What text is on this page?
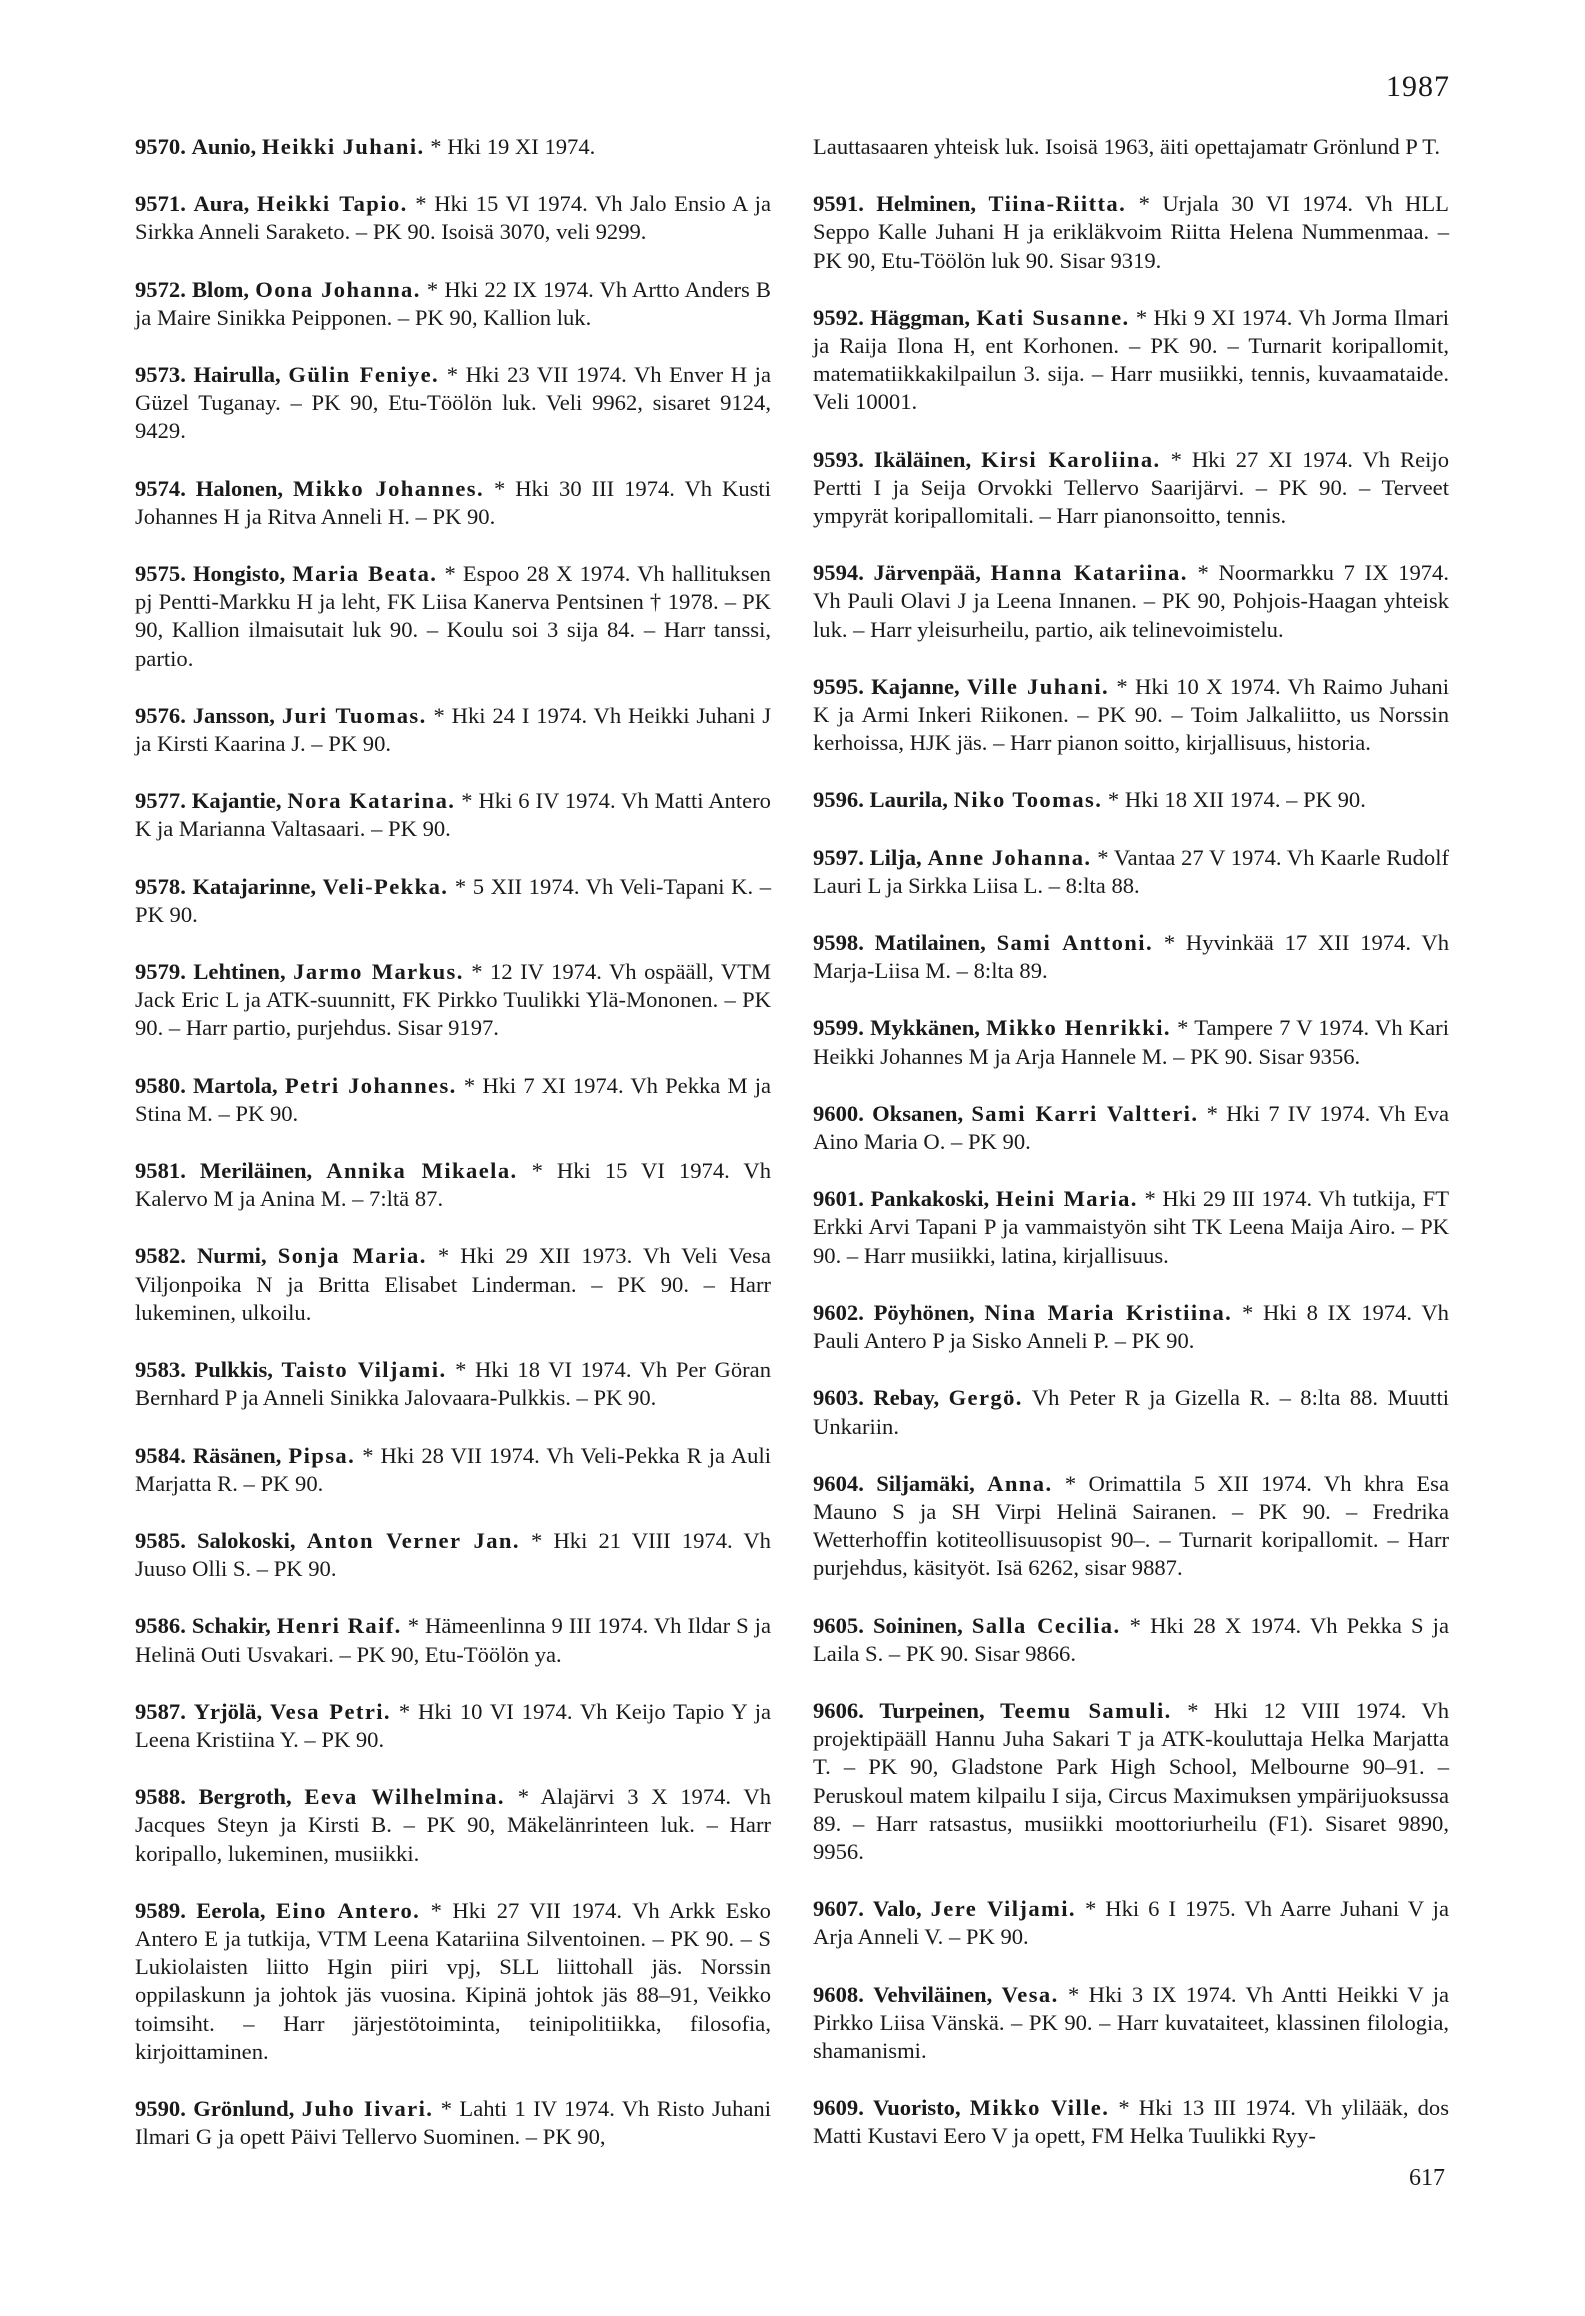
1987

9570. Aunio, Heikki Juhani. * Hki 19 XI 1974.

9571. Aura, Heikki Tapio. * Hki 15 VI 1974. Vh Jalo Ensio A ja Sirkka Anneli Saraketo. – PK 90. Isoisä 3070, veli 9299.

9572. Blom, Oona Johanna. * Hki 22 IX 1974. Vh Artto Anders B ja Maire Sinikka Peipponen. – PK 90, Kallion luk.

9573. Hairulla, Gülin Feniye. * Hki 23 VII 1974. Vh Enver H ja Güzel Tuganay. – PK 90, Etu-Töölön luk. Veli 9962, sisaret 9124, 9429.

9574. Halonen, Mikko Johannes. * Hki 30 III 1974. Vh Kusti Johannes H ja Ritva Anneli H. – PK 90.

9575. Hongisto, Maria Beata. * Espoo 28 X 1974. Vh hallituksen pj Pentti-Markku H ja leht, FK Liisa Kanerva Pentsinen † 1978. – PK 90, Kallion ilmaisutait luk 90. – Koulu soi 3 sija 84. – Harr tanssi, partio.

9576. Jansson, Juri Tuomas. * Hki 24 I 1974. Vh Heikki Juhani J ja Kirsti Kaarina J. – PK 90.

9577. Kajantie, Nora Katarina. * Hki 6 IV 1974. Vh Matti Antero K ja Marianna Valtasaari. – PK 90.

9578. Katajarinne, Veli-Pekka. * 5 XII 1974. Vh Veli-Tapani K. – PK 90.

9579. Lehtinen, Jarmo Markus. * 12 IV 1974. Vh ospääll, VTM Jack Eric L ja ATK-suunnitt, FK Pirkko Tuulikki Ylä-Mononen. – PK 90. – Harr partio, purjehdus. Sisar 9197.

9580. Martola, Petri Johannes. * Hki 7 XI 1974. Vh Pekka M ja Stina M. – PK 90.

9581. Meriläinen, Annika Mikaela. * Hki 15 VI 1974. Vh Kalervo M ja Anina M. – 7:ltä 87.

9582. Nurmi, Sonja Maria. * Hki 29 XII 1973. Vh Veli Vesa Viljonpoika N ja Britta Elisabet Linderman. – PK 90. – Harr lukeminen, ulkoilu.

9583. Pulkkis, Taisto Viljami. * Hki 18 VI 1974. Vh Per Göran Bernhard P ja Anneli Sinikka Jalovaara-Pulkkis. – PK 90.

9584. Räsänen, Pipsa. * Hki 28 VII 1974. Vh Veli-Pekka R ja Auli Marjatta R. – PK 90.

9585. Salokoski, Anton Verner Jan. * Hki 21 VIII 1974. Vh Juuso Olli S. – PK 90.

9586. Schakir, Henri Raif. * Hämeenlinna 9 III 1974. Vh Ildar S ja Helinä Outi Usvakari. – PK 90, Etu-Töölön ya.

9587. Yrjölä, Vesa Petri. * Hki 10 VI 1974. Vh Keijo Tapio Y ja Leena Kristiina Y. – PK 90.

9588. Bergroth, Eeva Wilhelmina. * Alajärvi 3 X 1974. Vh Jacques Steyn ja Kirsti B. – PK 90, Mäkelänrinteen luk. – Harr koripallo, lukeminen, musiikki.

9589. Eerola, Eino Antero. * Hki 27 VII 1974. Vh Arkk Esko Antero E ja tutkija, VTM Leena Katariina Silventoinen. – PK 90. – S Lukiolaisten liitto Hgin piiri vpj, SLL liittohall jäs. Norssin oppilaskunn ja johtok jäs vuosina. Kipinä johtok jäs 88–91, Veikko toimsiht. – Harr järjestötoiminta, teinipolitiikka, filosofia, kirjoittaminen.

9590. Grönlund, Juho Iivari. * Lahti 1 IV 1974. Vh Risto Juhani Ilmari G ja opett Päivi Tellervo Suominen. – PK 90,

Lauttasaaren yhteisk luk. Isoisä 1963, äiti opettajamatr Grönlund P T.

9591. Helminen, Tiina-Riitta. * Urjala 30 VI 1974. Vh HLL Seppo Kalle Juhani H ja erikläkvoim Riitta Helena Nummenmaa. – PK 90, Etu-Töölön luk 90. Sisar 9319.

9592. Häggman, Kati Susanne. * Hki 9 XI 1974. Vh Jorma Ilmari ja Raija Ilona H, ent Korhonen. – PK 90. – Turnarit koripallomit, matematiikkakilpailun 3. sija. – Harr musiikki, tennis, kuvaamataide. Veli 10001.

9593. Ikäläinen, Kirsi Karoliina. * Hki 27 XI 1974. Vh Reijo Pertti I ja Seija Orvokki Tellervo Saarijärvi. – PK 90. – Terveet ympyrät koripallomitali. – Harr pianonsoitto, tennis.

9594. Järvenpää, Hanna Katariina. * Noormarkku 7 IX 1974. Vh Pauli Olavi J ja Leena Innanen. – PK 90, Pohjois-Haagan yhteisk luk. – Harr yleisurheilu, partio, aik telinevoimistelu.

9595. Kajanne, Ville Juhani. * Hki 10 X 1974. Vh Raimo Juhani K ja Armi Inkeri Riikonen. – PK 90. – Toim Jalkaliitto, us Norssin kerhoissa, HJK jäs. – Harr pianon soitto, kirjallisuus, historia.

9596. Laurila, Niko Toomas. * Hki 18 XII 1974. – PK 90.

9597. Lilja, Anne Johanna. * Vantaa 27 V 1974. Vh Kaarle Rudolf Lauri L ja Sirkka Liisa L. – 8:lta 88.

9598. Matilainen, Sami Anttoni. * Hyvinkää 17 XII 1974. Vh Marja-Liisa M. – 8:lta 89.

9599. Mykkänen, Mikko Henrikki. * Tampere 7 V 1974. Vh Kari Heikki Johannes M ja Arja Hannele M. – PK 90. Sisar 9356.

9600. Oksanen, Sami Karri Valtteri. * Hki 7 IV 1974. Vh Eva Aino Maria O. – PK 90.

9601. Pankakoski, Heini Maria. * Hki 29 III 1974. Vh tutkija, FT Erkki Arvi Tapani P ja vammaistyön siht TK Leena Maija Airo. – PK 90. – Harr musiikki, latina, kirjallisuus.

9602. Pöyhönen, Nina Maria Kristiina. * Hki 8 IX 1974. Vh Pauli Antero P ja Sisko Anneli P. – PK 90.

9603. Rebay, Gergö. Vh Peter R ja Gizella R. – 8:lta 88. Muutti Unkariin.

9604. Siljamäki, Anna. * Orimattila 5 XII 1974. Vh khra Esa Mauno S ja SH Virpi Helinä Sairanen. – PK 90. – Fredrika Wetterhoffin kotiteollisuusopist 90–. – Turnarit koripallomit. – Harr purjehdus, käsityöt. Isä 6262, sisar 9887.

9605. Soininen, Salla Cecilia. * Hki 28 X 1974. Vh Pekka S ja Laila S. – PK 90. Sisar 9866.

9606. Turpeinen, Teemu Samuli. * Hki 12 VIII 1974. Vh projektipääll Hannu Juha Sakari T ja ATK-kouluttaja Helka Marjatta T. – PK 90, Gladstone Park High School, Melbourne 90–91. – Peruskoul matem kilpailu I sija, Circus Maximuksen ympärijuoksussa 89. – Harr ratsastus, musiikki moottoriurheilu (F1). Sisaret 9890, 9956.

9607. Valo, Jere Viljami. * Hki 6 I 1975. Vh Aarre Juhani V ja Arja Anneli V. – PK 90.

9608. Vehviläinen, Vesa. * Hki 3 IX 1974. Vh Antti Heikki V ja Pirkko Liisa Vänskä. – PK 90. – Harr kuvataiteet, klassinen filologia, shamanismi.

9609. Vuoristo, Mikko Ville. * Hki 13 III 1974. Vh ylilääk, dos Matti Kustavi Eero V ja opett, FM Helka Tuulikki Ryy-

617
